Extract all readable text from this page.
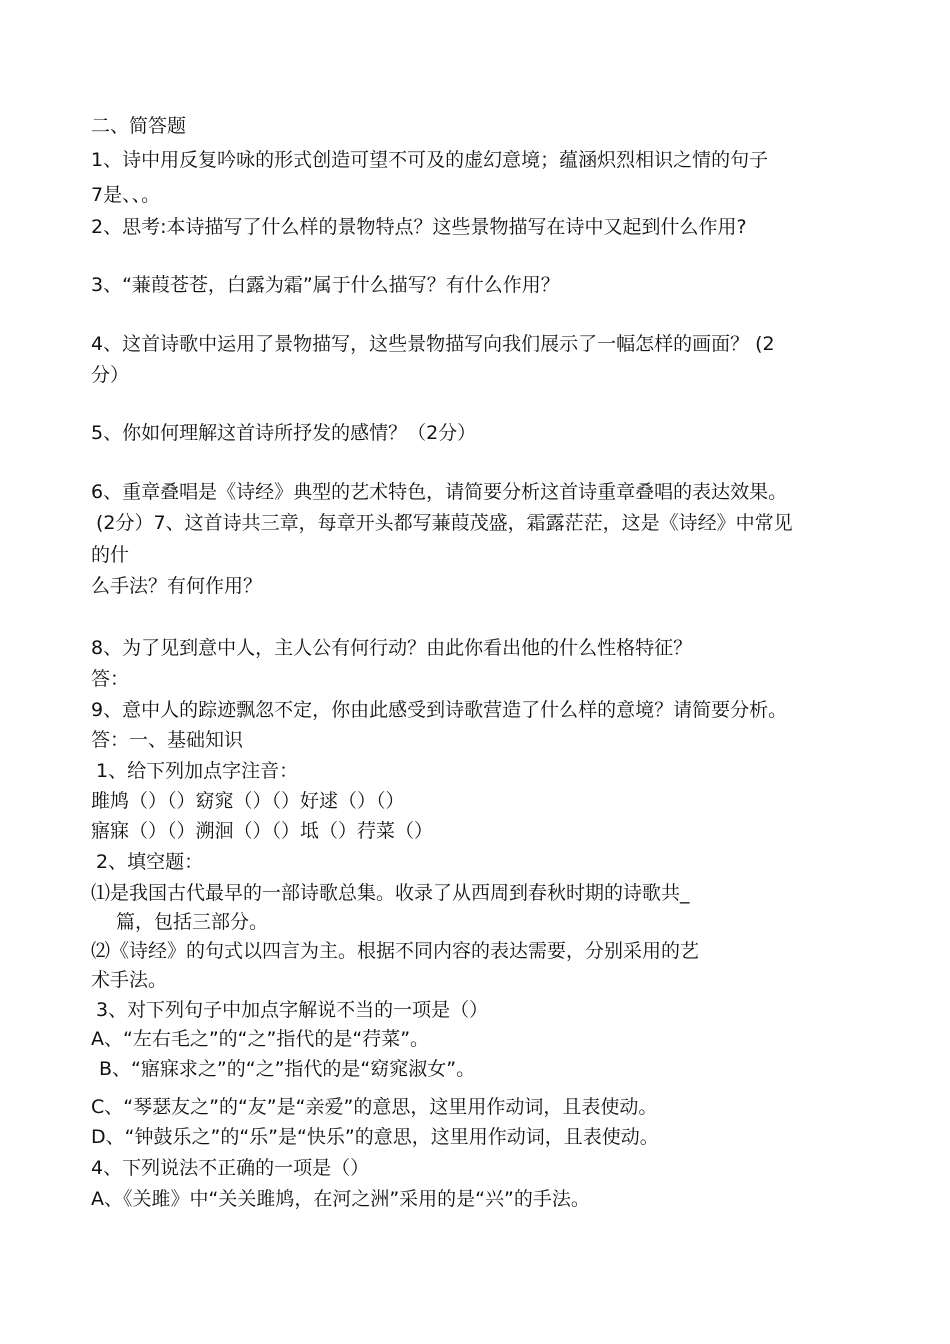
二、简答题
1、诗中用反复吟咏的形式创造可望不可及的虚幻意境；蕴涵炽烈相识之情的句子
7是、、。
2、思考:本诗描写了什么样的景物特点？这些景物描写在诗中又起到什么作用?
3、“蒹葭苍苍，白露为霜”属于什么描写？有什么作用？
4、这首诗歌中运用了景物描写，这些景物描写向我们展示了一幅怎样的画面？ (2
分）
5、你如何理解这首诗所抒发的感情？（2分）
6、重章叠唱是《诗经》典型的艺术特色，请简要分析这首诗重章叠唱的表达效果。
(2分）7、这首诗共三章，每章开头都写蒹葭茂盛，霜露茫茫，这是《诗经》中常见
的什
么手法？有何作用？
8、为了见到意中人，主人公有何行动？由此你看出他的什么性格特征？
答：
9、意中人的踪迹飘忽不定，你由此感受到诗歌营造了什么样的意境？请简要分析。
答：一、基础知识
1、给下列加点字注音：
雎鸠（）（）窈窕（）（）好逑（）（）
寤寐（）（）溯洄（）（）坻（）荇菜（）
2、填空题：
⑴是我国古代最早的一部诗歌总集。收录了从西周到春秋时期的诗歌共_
篇，包括三部分。
⑵《诗经》的句式以四言为主。根据不同内容的表达需要，分别采用的艺
术手法。
3、对下列句子中加点字解说不当的一项是（）
A、“左右毛之”的“之”指代的是“荇菜”。
B、“寤寐求之”的“之”指代的是“窈窕淑女”。
C、“琴瑟友之”的“友”是“亲爱”的意思，这里用作动词，且表使动。
D、“钟鼓乐之”的“乐”是“快乐”的意思，这里用作动词，且表使动。
4、下列说法不正确的一项是（）
A、《关雎》中“关关雎鸠，在河之洲”采用的是“兴”的手法。
